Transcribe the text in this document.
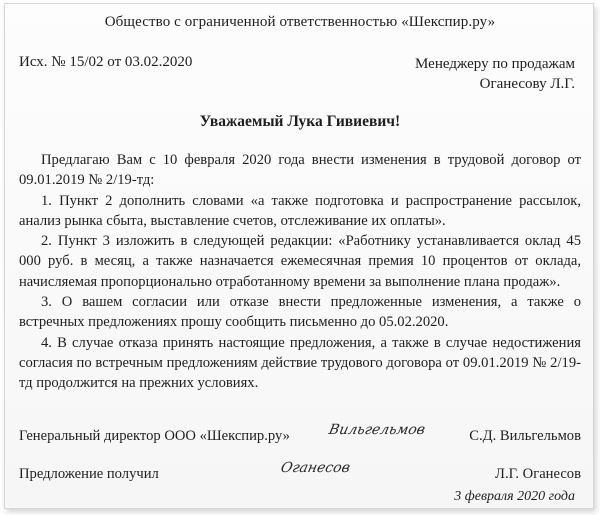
Общество с ограниченной ответственностью «Шекспир.ру»
Исх. № 15/02 от 03.02.2020	Менеджеру по продажам
Оганесову Л.Г.
Уважаемый Лука Гивиевич!

Предлагаю Вам с 10 февраля 2020 года внести изменения в трудовой договор от 09.01.2019 № 2/19-тд:

1. Пункт 2 дополнить словами «а также подготовка и распространение рассылок, анализ рынка сбыта, выставление счетов, отслеживание их оплаты».

2. Пункт 3 изложить в следующей редакции: «Работнику устанавливается оклад 45 000 руб. в месяц, а также назначается ежемесячная премия 10 процентов от оклада, начисляемая пропорционально отработанному времени за выполнение плана продаж».

3. О вашем согласии или отказе внести предложенные изменения, а также о встречных предложениях прошу сообщить письменно до 05.02.2020.

4. В случае отказа принять настоящие предложения, а также в случае недостижения согласия по встречным предложениям действие трудового договора от 09.01.2019 № 2/19-тд продолжится на прежних условиях.

Генеральный директор ООО «Шекспир.ру»	Вильгельмов	С.Д. Вильгельмов
Предложение получил	Оганесов	Л.Г. Оганесов
3 февраля 2020 года
